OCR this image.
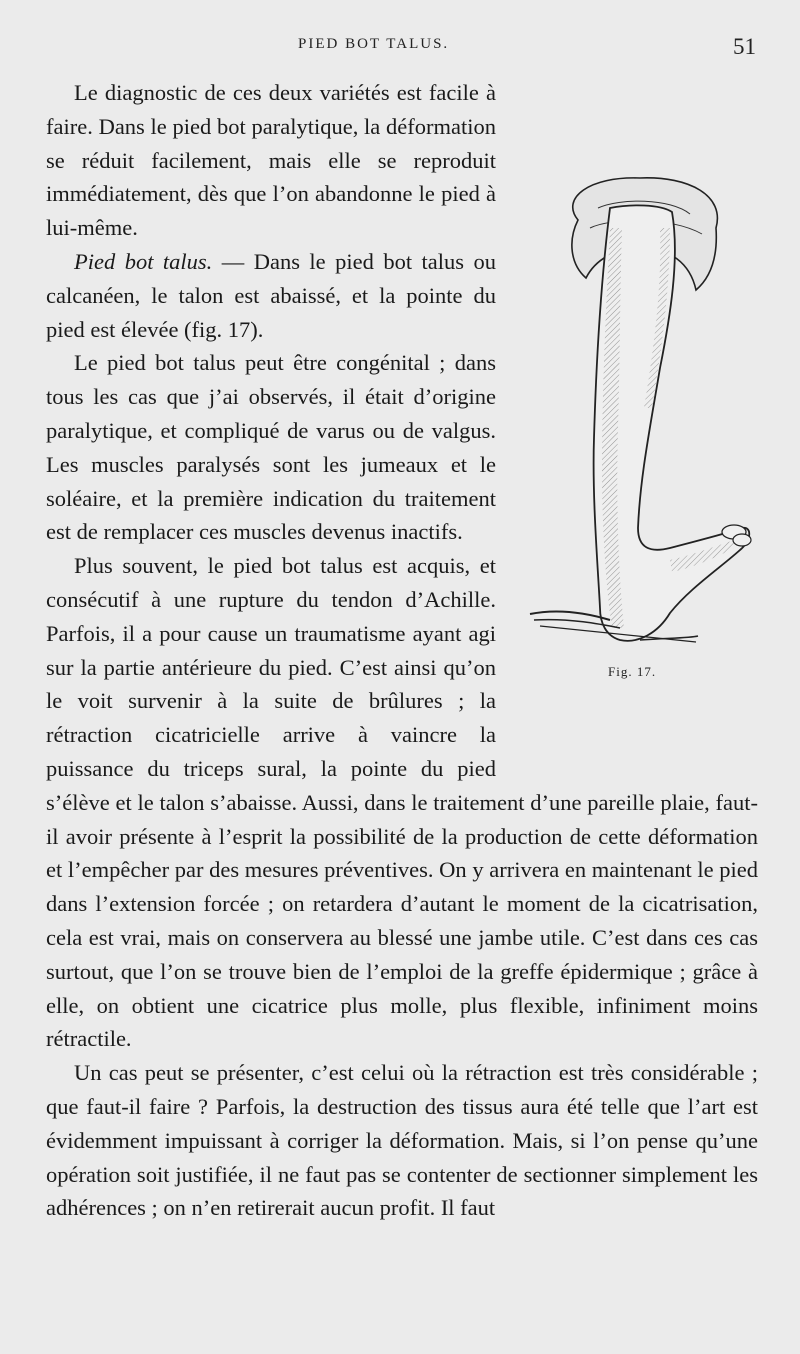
PIED BOT TALUS.	51

Le diagnostic de ces deux variétés est facile à faire. Dans le pied bot paralytique, la déformation se réduit facilement, mais elle se reproduit immédiatement, dès que l’on abandonne le pied à lui-même.

Pied bot talus. — Dans le pied bot talus ou calcanéen, le talon est abaissé, et la pointe du pied est élevée (fig. 17).

Le pied bot talus peut être congénital ; dans tous les cas que j’ai observés, il était d’origine paralytique, et compliqué de varus ou de valgus. Les muscles paralysés sont les jumeaux et le soléaire, et la première indication du traitement est de remplacer ces muscles devenus inactifs.

Plus souvent, le pied bot talus est acquis, et consécutif à une rupture du tendon d’Achille. Parfois, il a pour cause un traumatisme ayant agi sur la partie antérieure du pied. C’est ainsi qu’on le voit survenir à la suite de brûlures ; la rétraction cicatricielle arrive à vaincre la puissance du triceps sural, la pointe du pied s’élève et le talon s’abaisse. Aussi, dans le traitement d’une pareille plaie, faut-il avoir présente à l’esprit la possibilité de la production de cette déformation et l’empêcher par des mesures préventives. On y arrivera en maintenant le pied dans l’extension forcée ; on retardera d’autant le moment de la cicatrisation, cela est vrai, mais on conservera au blessé une jambe utile. C’est dans ces cas surtout, que l’on se trouve bien de l’emploi de la greffe épidermique ; grâce à elle, on obtient une cicatrice plus molle, plus flexible, infiniment moins rétractile.

Un cas peut se présenter, c’est celui où la rétraction est très considérable ; que faut-il faire ? Parfois, la destruction des tissus aura été telle que l’art est évidemment impuissant à corriger la déformation. Mais, si l’on pense qu’une opération soit justifiée, il ne faut pas se contenter de sectionner simplement les adhérences ; on n’en retirerait aucun profit. Il faut

Fig. 17.
